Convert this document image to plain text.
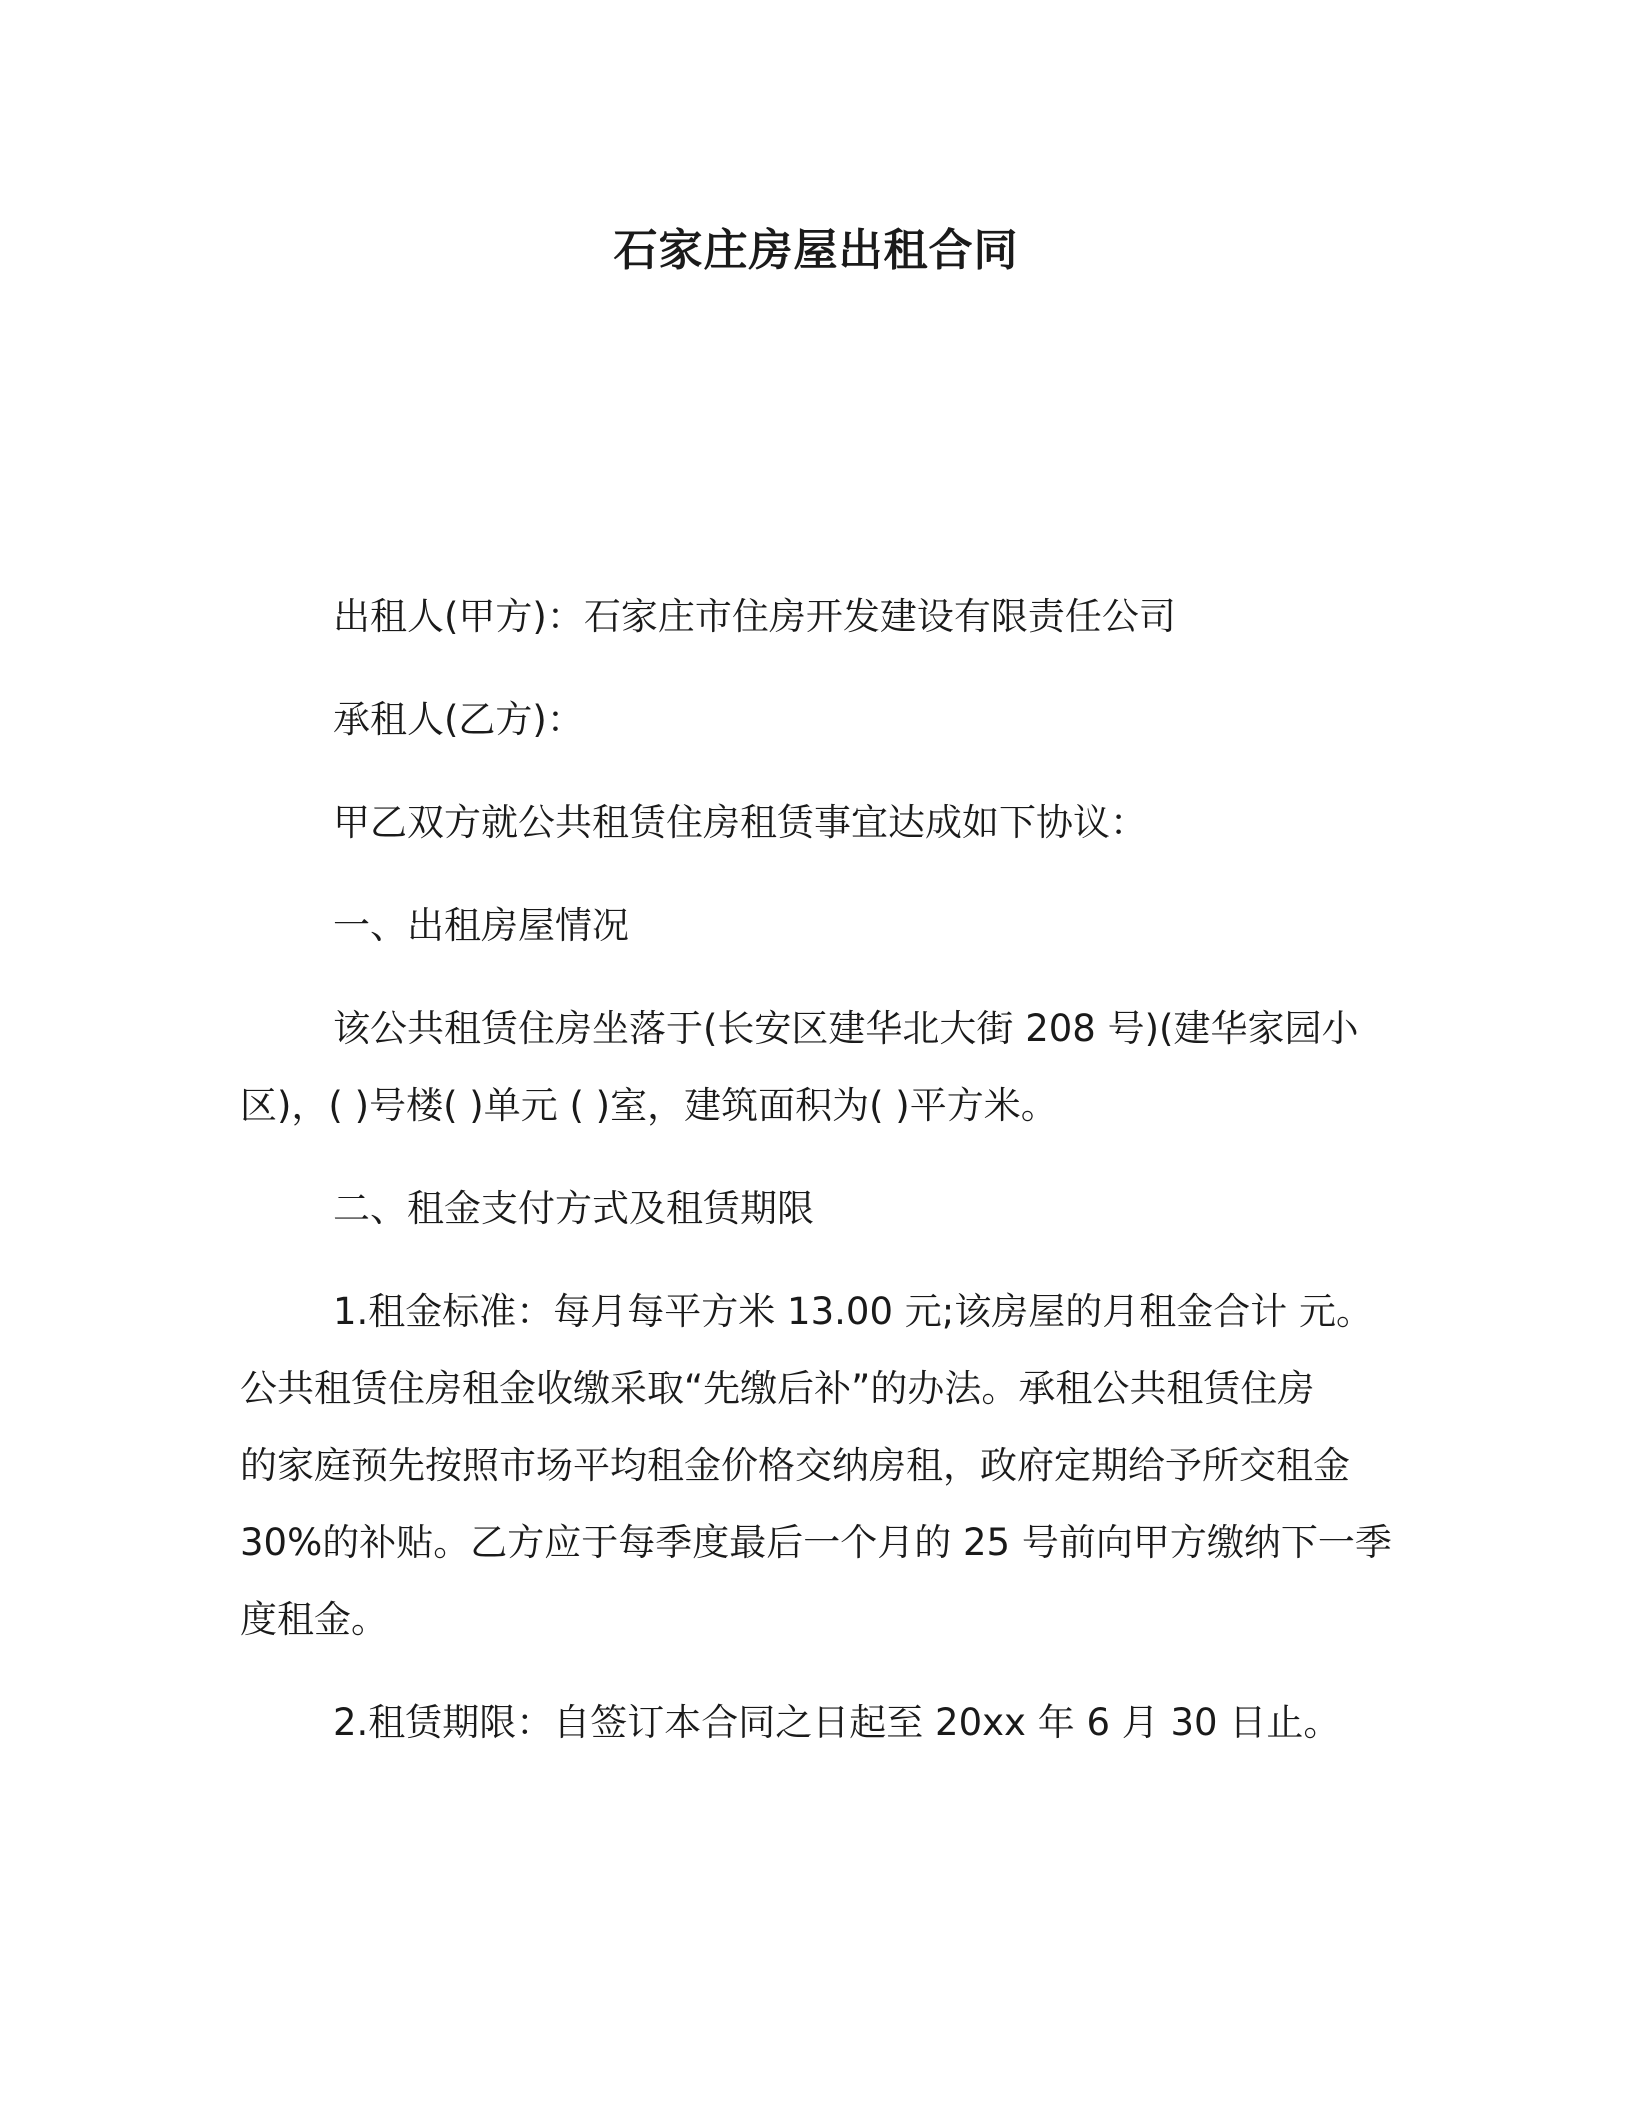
石家庄房屋出租合同
出租人(甲方)：石家庄市住房开发建设有限责任公司
承租人(乙方)：
甲乙双方就公共租赁住房租赁事宜达成如下协议：
一、出租房屋情况
该公共租赁住房坐落于(长安区建华北大街 208 号)(建华家园小
区)，( )号楼( )单元 ( )室，建筑面积为( )平方米。
二、租金支付方式及租赁期限
1.租金标准：每月每平方米 13.00 元;该房屋的月租金合计 元。
公共租赁住房租金收缴采取“先缴后补”的办法。承租公共租赁住房
的家庭预先按照市场平均租金价格交纳房租，政府定期给予所交租金
30%的补贴。乙方应于每季度最后一个月的 25 号前向甲方缴纳下一季
度租金。
2.租赁期限：自签订本合同之日起至 20xx 年 6 月 30 日止。
